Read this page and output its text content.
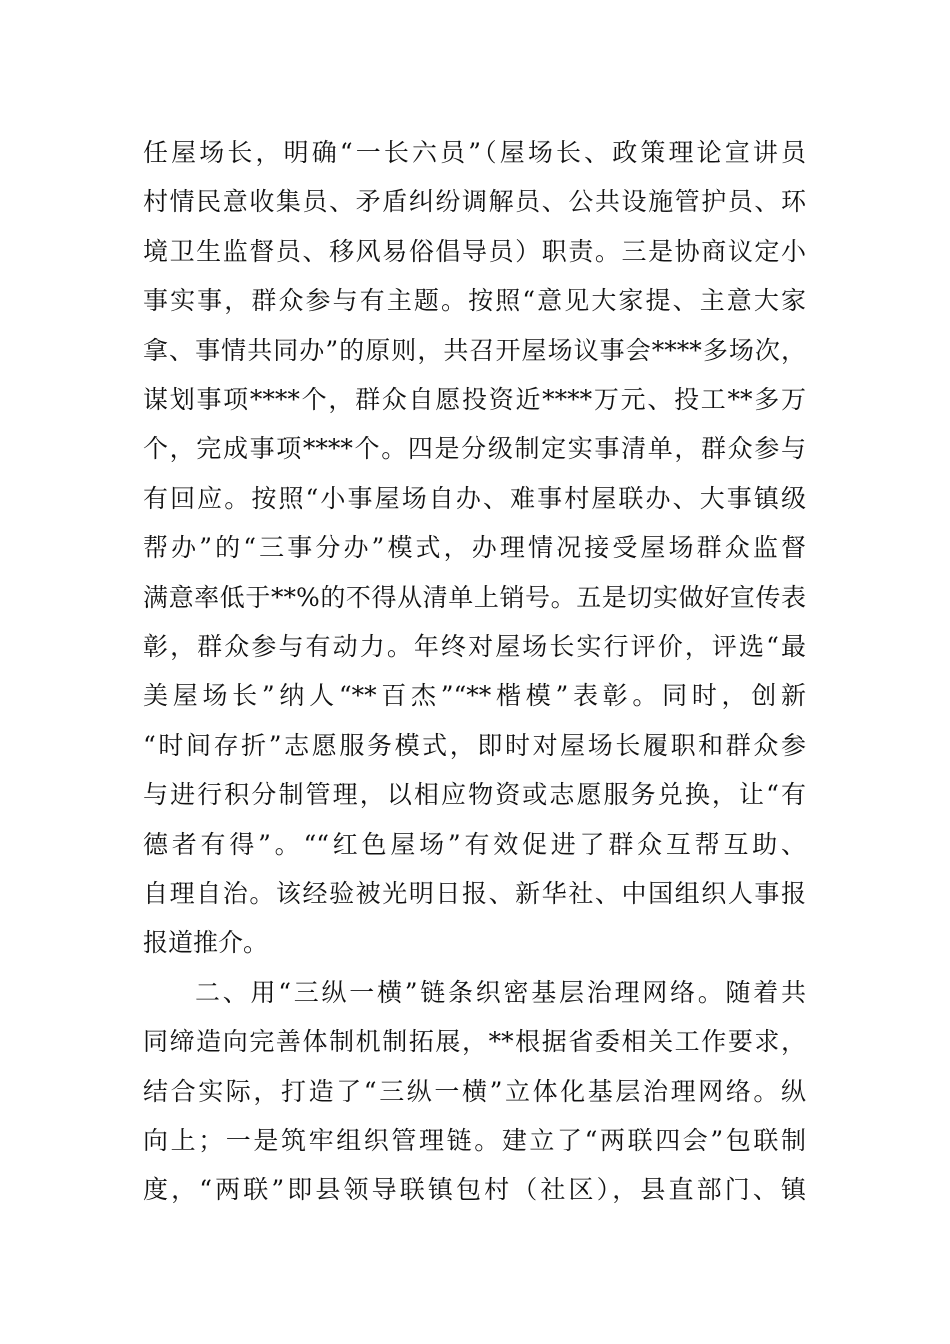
任屋场长，明确“一长六员”（屋场长、政策理论宣讲员
村情民意收集员、矛盾纠纷调解员、公共设施管护员、环
境卫生监督员、移风易俗倡导员）职责。三是协商议定小
事实事，群众参与有主题。按照“意见大家提、主意大家
拿、事情共同办”的原则，共召开屋场议事会****多场次，
谋划事项****个，群众自愿投资近****万元、投工**多万
个，完成事项****个。四是分级制定实事清单，群众参与
有回应。按照“小事屋场自办、难事村屋联办、大事镇级
帮办”的“三事分办”模式，办理情况接受屋场群众监督
满意率低于**%的不得从清单上销号。五是切实做好宣传表
彰，群众参与有动力。年终对屋场长实行评价，评选“最
美屋场长”纳人“**百杰”“**楷模”表彰。同时，创新
“时间存折”志愿服务模式，即时对屋场长履职和群众参
与进行积分制管理，以相应物资或志愿服务兑换，让“有
德者有得”。““红色屋场”有效促进了群众互帮互助、
自理自治。该经验被光明日报、新华社、中国组织人事报
报道推介。
二、用“三纵一横”链条织密基层治理网络。随着共
同缔造向完善体制机制拓展，**根据省委相关工作要求，
结合实际，打造了“三纵一横”立体化基层治理网络。纵
向上；一是筑牢组织管理链。建立了“两联四会”包联制
度，“两联”即县领导联镇包村（社区），县直部门、镇
